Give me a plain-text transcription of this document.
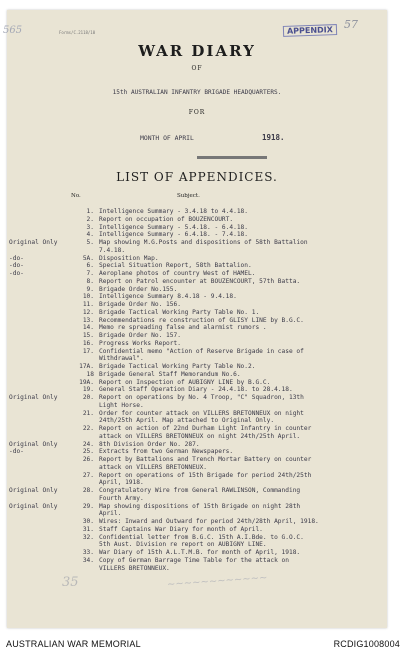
Forms/C.2118/10	APPENDIX 57
565
WAR DIARY
OF
15th AUSTRALIAN INFANTRY BRIGADE HEADQUARTERS.
FOR
MONTH OF APRIL	1918.
LIST OF APPENDICES.
No.	Subject.
1. Intelligence Summary - 3.4.18 to 4.4.18.
2. Report on occupation of BOUZENCOURT.
3. Intelligence Summary - 5.4.18. - 6.4.18.
4. Intelligence Summary - 6.4.18. - 7.4.18.
Original Only	5. Map showing M.G.Posts and dispositions of 58th Battalion
7.4.18.
-do-	5A. Disposition Map.
-do-	6. Special Situation Report, 58th Battalion.
-do-	7. Aeroplane photos of country West of HAMEL.
8. Report on Patrol encounter at BOUZENCOURT, 57th Batta.
9. Brigade Order No.155.
10. Intelligence Summary 8.4.18 - 9.4.18.
11. Brigade Order No. 156.
12. Brigade Tactical Working Party Table No. 1.
13. Recommendations re construction of GLISY LINE by B.G.C.
14. Memo re spreading false and alarmist rumors .
15. Brigade Order No. 157.
16. Progress Works Report.
17. Confidential memo "Action of Reserve Brigade in case of
Withdrawal".
17A. Brigade Tactical Working Party Table No.2.
18 Brigade General Staff Memorandum No.6.
19A. Report on Inspection of AUBIGNY LINE by B.G.C.
19. General Staff Operation Diary - 24.4.18. to 28.4.18.
Original Only	20. Report on operations by No. 4 Troop, "C" Squadron, 13th
Light Horse.
21. Order for counter attack on VILLERS BRETONNEUX on night
24th/25th April. Map attached to Original Only.
22. Report on action of 22nd Durham Light Infantry in counter
attack on VILLERS BRETONNEUX on night 24th/25th April.
Original Only	24. 8th Division Order No. 287.
-do-	25. Extracts from two German Newspapers.
26. Report by Battalions and Trench Mortar Battery on counter
attack on VILLERS BRETONNEUX.
27. Report on operations of 15th Brigade for period 24th/25th
April, 1918.
Original Only	28. Congratulatory Wire from General RAWLINSON, Commanding
Fourth Army.
Original Only	29. Map showing dispositions of 15th Brigade on night 28th
April.
30. Wires: Inward and Outward for period 24th/28th April, 1918.
31. Staff Captains War Diary for month of April.
32. Confidential letter from B.G.C. 15th A.I.Bde. to G.O.C.
5th Aust. Division re report on AUBIGNY LINE.
33. War Diary of 15th A.L.T.M.B. for month of April, 1918.
34. Copy of German Barrage Time Table for the attack on
VILLERS BRETONNEUX.
35	~~~~~~~~~~~~
AUSTRALIAN WAR MEMORIAL	RCDIG1008004
